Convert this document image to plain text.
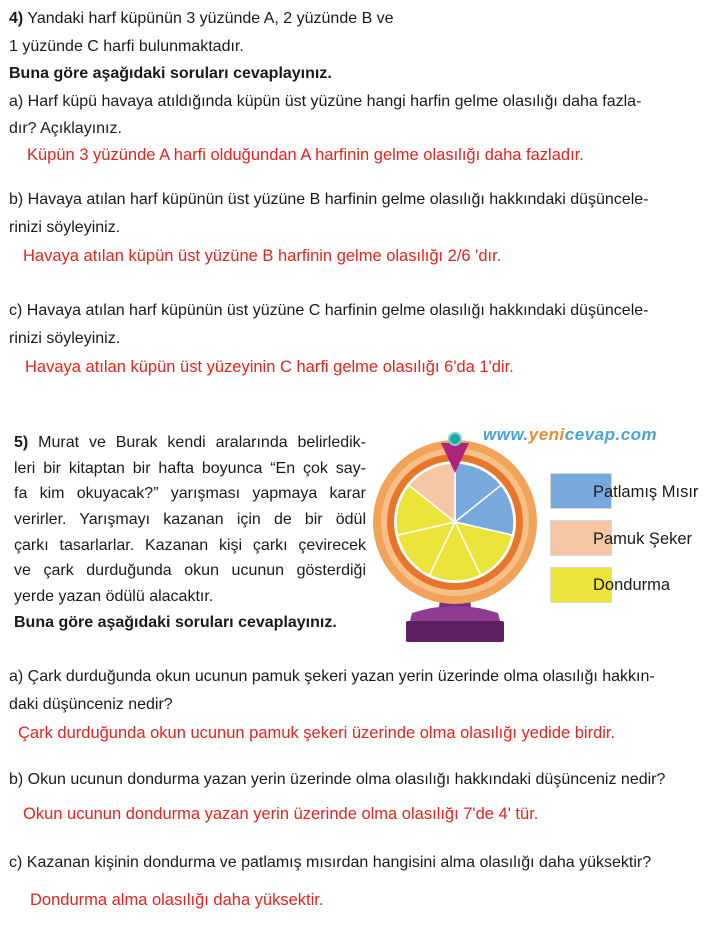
4) Yandaki harf küpünün 3 yüzünde A, 2 yüzünde B ve
1 yüzünde C harfi bulunmaktadır.
Buna göre aşağıdaki soruları cevaplayınız.
a) Harf küpü havaya atıldığında küpün üst yüzüne hangi harfin gelme olasılığı daha fazla-
dır? Açıklayınız.
Küpün 3 yüzünde A harfi olduğundan A harfinin gelme olasılığı daha fazladır.
b) Havaya atılan harf küpünün üst yüzüne B harfinin gelme olasılığı hakkındaki düşüncele-
rinizi söyleyiniz.
Havaya atılan küpün üst yüzüne B harfinin gelme olasılığı 2/6 'dır.
c) Havaya atılan harf küpünün üst yüzüne C harfinin gelme olasılığı hakkındaki düşüncele-
rinizi söyleyiniz.
Havaya atılan küpün üst yüzeyinin C harfi gelme olasılığı 6'da 1'dir.
5) Murat ve Burak kendi aralarında belirledik-
leri bir kitaptan bir hafta boyunca “En çok say-
fa kim okuyacak?” yarışması yapmaya karar
verirler. Yarışmayı kazanan için de bir ödül
çarkı tasarlarlar. Kazanan kişi çarkı çevirecek
ve çark durduğunda okun ucunun gösterdiği
yerde yazan ödülü alacaktır.
Buna göre aşağıdaki soruları cevaplayınız.
www.yenicevap.com
Patlamış Mısır
Pamuk Şeker
Dondurma
a) Çark durduğunda okun ucunun pamuk şekeri yazan yerin üzerinde olma olasılığı hakkın-
daki düşünceniz nedir?
Çark durduğunda okun ucunun pamuk şekeri üzerinde olma olasılığı yedide birdir.
b) Okun ucunun dondurma yazan yerin üzerinde olma olasılığı hakkındaki düşünceniz nedir?
Okun ucunun dondurma yazan yerin üzerinde olma olasılığı 7'de 4' tür.
c) Kazanan kişinin dondurma ve patlamış mısırdan hangisini alma olasılığı daha yüksektir?
Dondurma alma olasılığı daha yüksektir.
